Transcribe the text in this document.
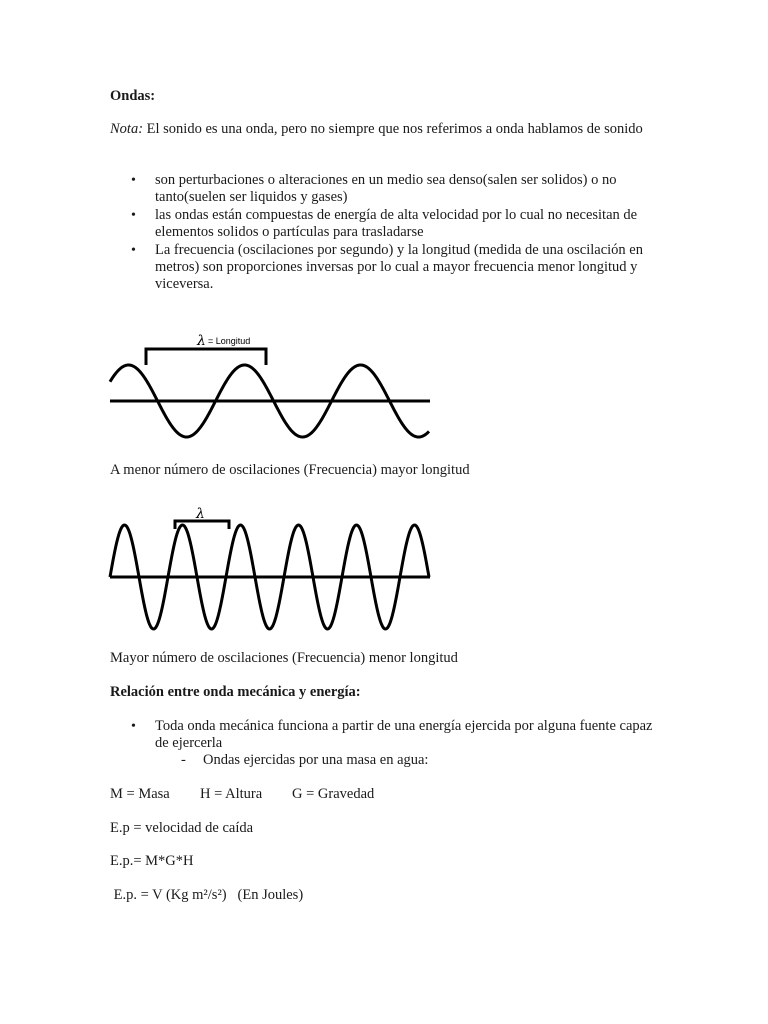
Ondas:

Nota: El sonido es una onda, pero no siempre que nos referimos a onda hablamos de sonido

• son perturbaciones o alteraciones en un medio sea denso(salen ser solidos) o no tanto(suelen ser liquidos y gases)
• las ondas están compuestas de energía de alta velocidad por lo cual no necesitan de elementos solidos o partículas para trasladarse
• La frecuencia (oscilaciones por segundo) y la longitud (medida de una oscilación en metros) son proporciones inversas por lo cual a mayor frecuencia menor longitud y viceversa.
λ = Longitud

A menor número de oscilaciones (Frecuencia) mayor longitud

λ

Mayor número de oscilaciones (Frecuencia) menor longitud

Relación entre onda mecánica y energía:

• Toda onda mecánica funciona a partir de una energía ejercida por alguna fuente capaz de ejercerla

- Ondas ejercidas por una masa en agua:

M = Masa H = Altura G = Gravedad

E.p = velocidad de caída

E.p.= M*G*H

E.p. = V (Kg m²/s²)   (En Joules)
